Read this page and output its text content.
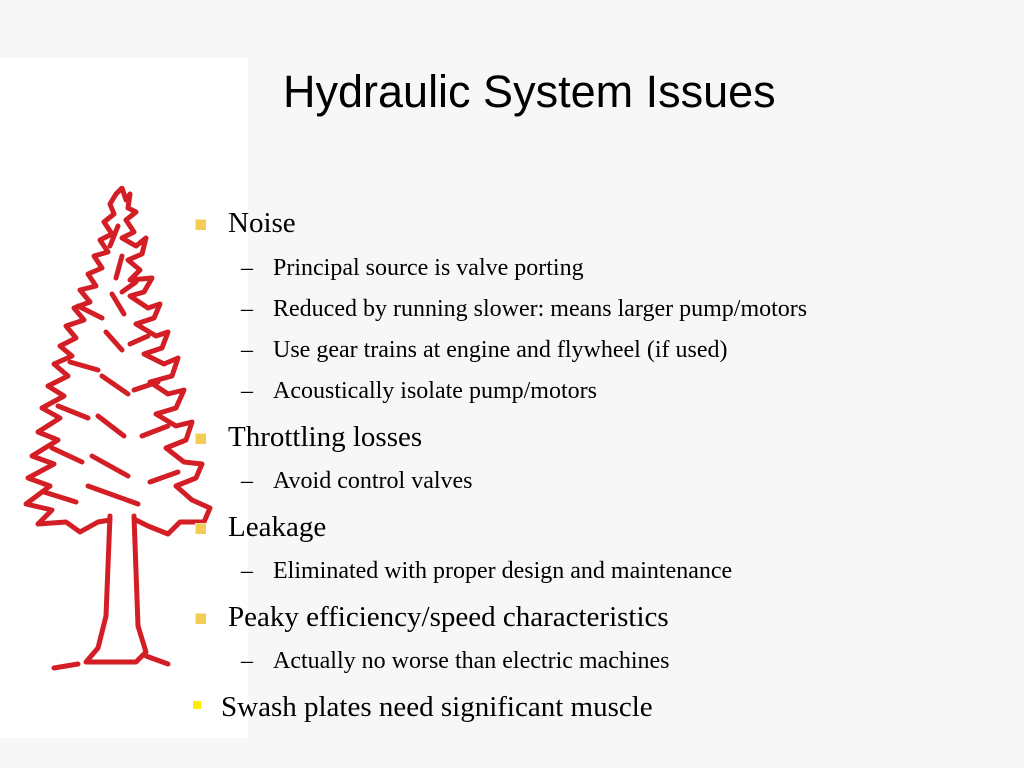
Hydraulic System Issues
Noise
– Principal source is valve porting
– Reduced by running slower: means larger pump/motors
– Use gear trains at engine and flywheel (if used)
– Acoustically isolate pump/motors
Throttling losses
– Avoid control valves
Leakage
– Eliminated with proper design and maintenance
Peaky efficiency/speed characteristics
– Actually no worse than electric machines
Swash plates need significant muscle
